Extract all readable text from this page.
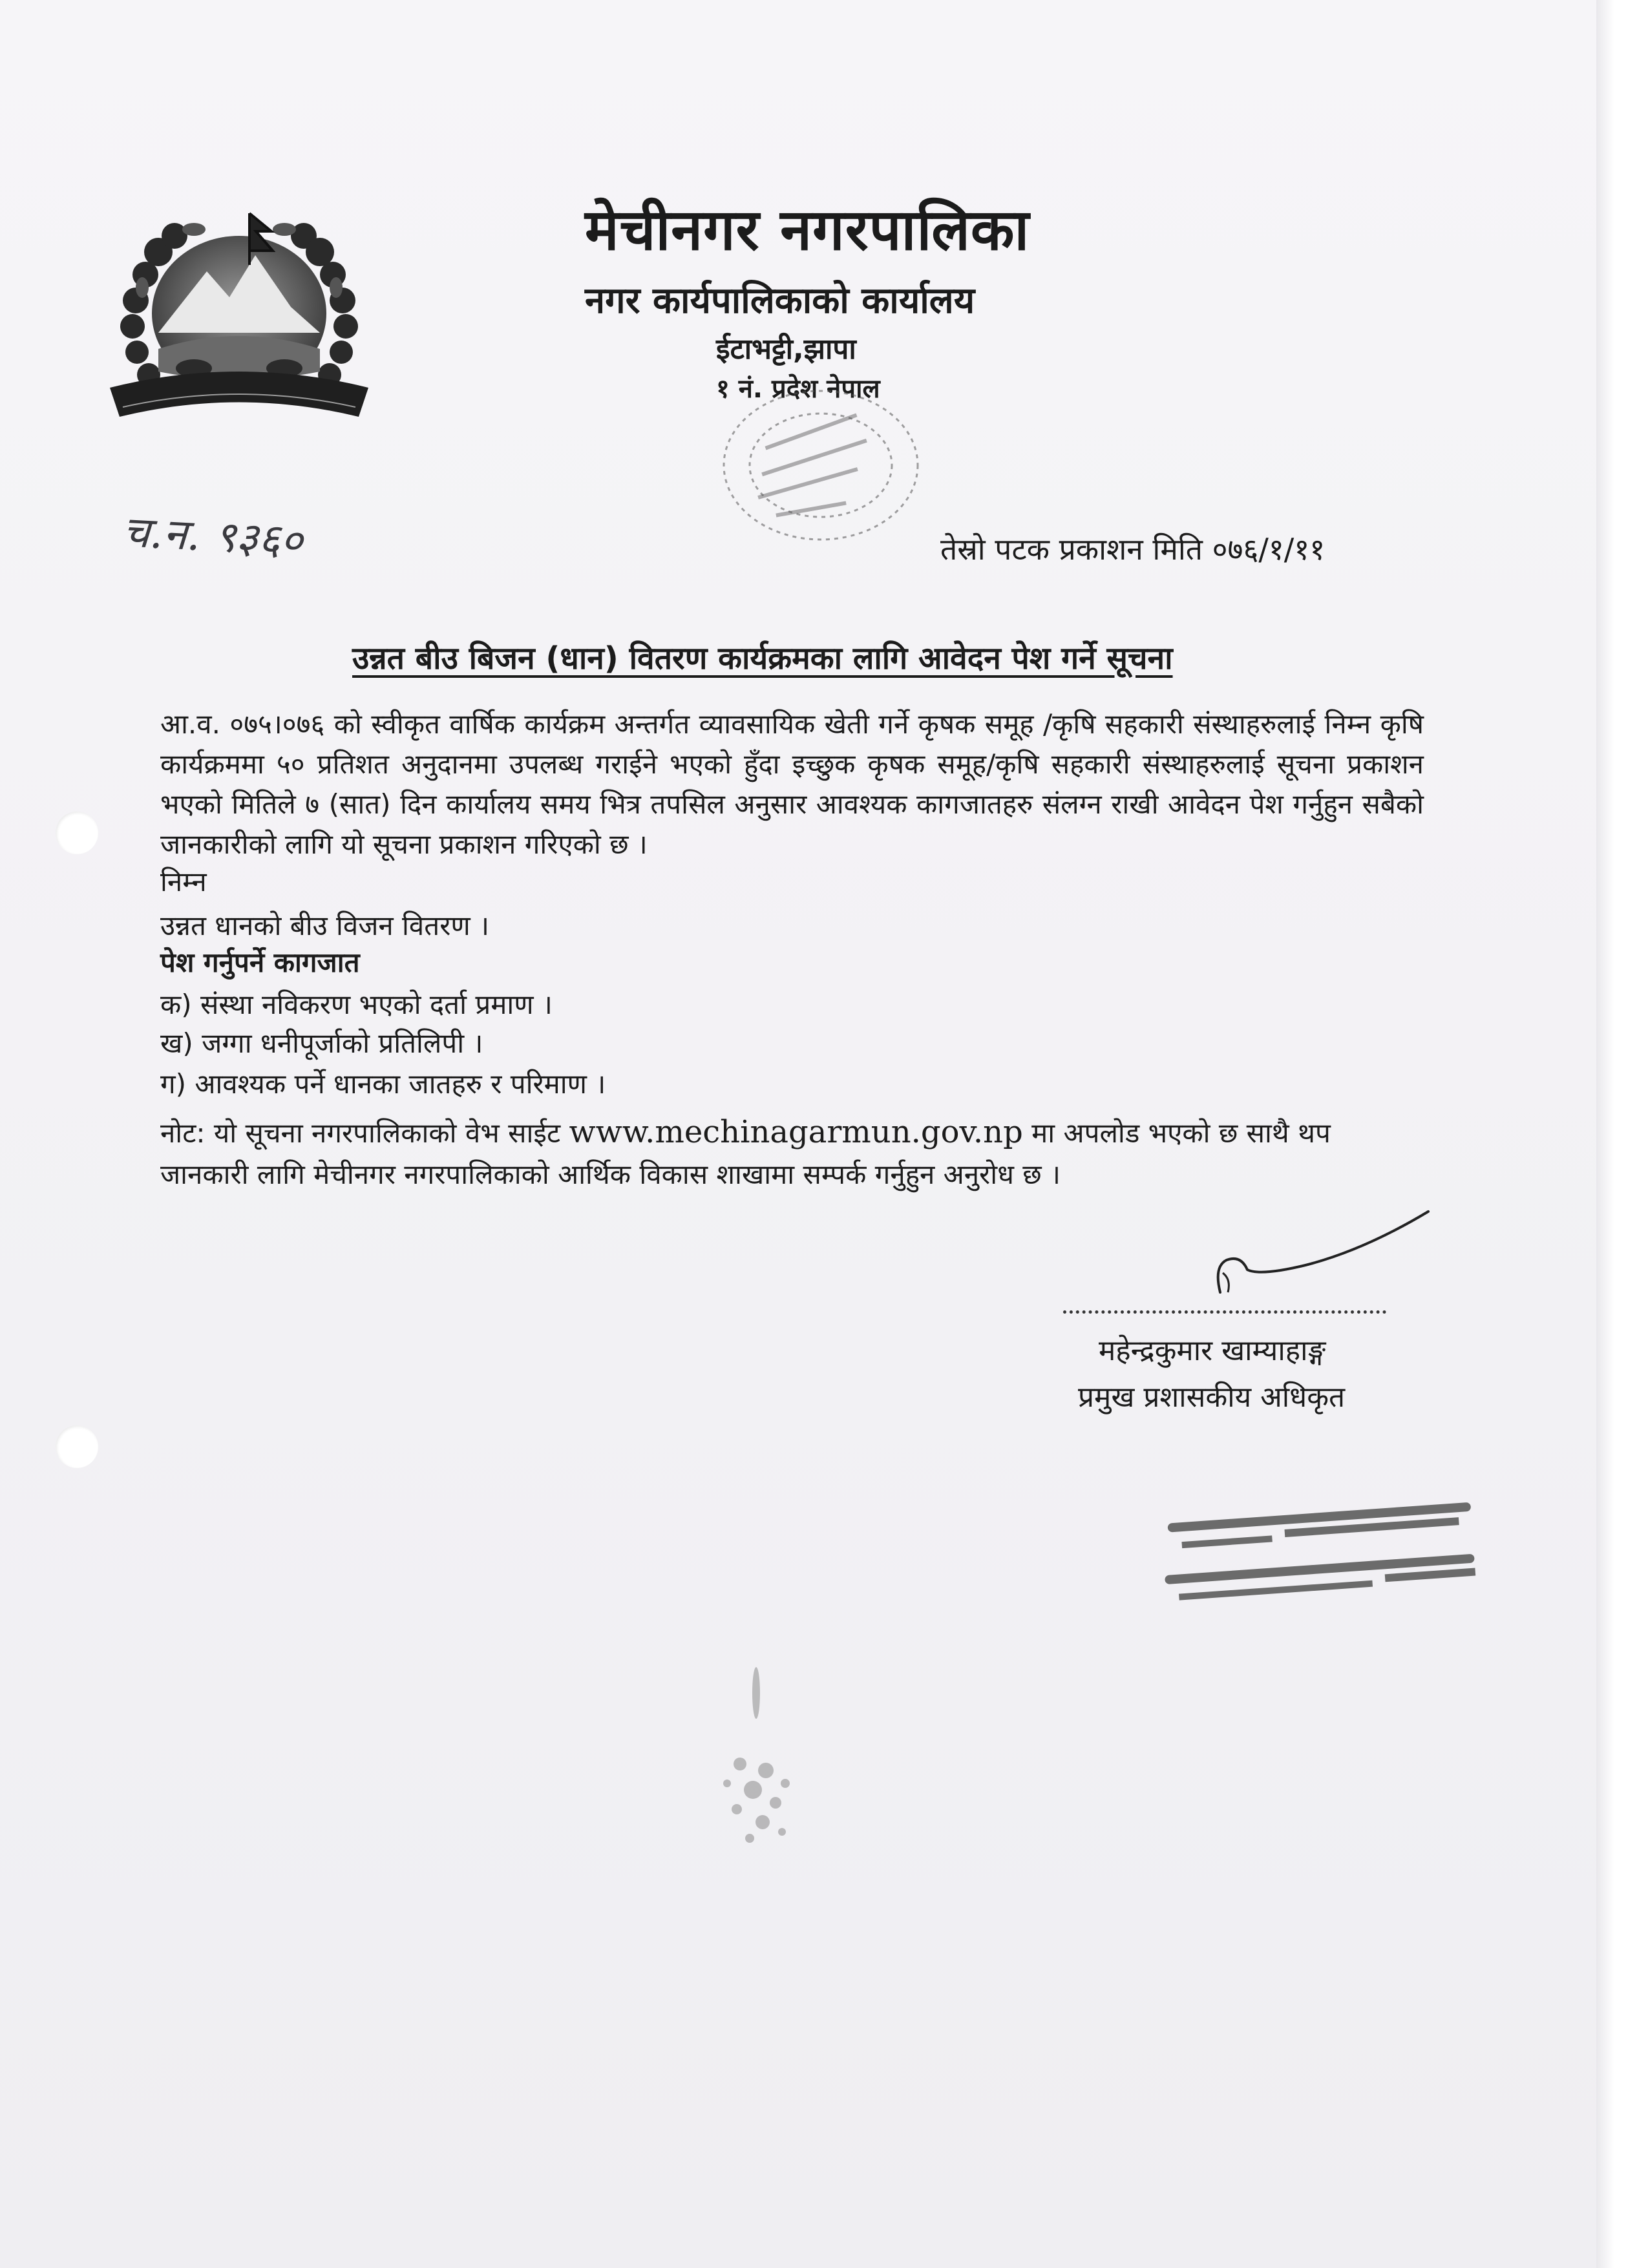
मेचीनगर नगरपालिका
नगर कार्यपालिकाको कार्यालय
ईटाभट्टी,झापा
१ नं. प्रदेश नेपाल
च.न. ९३६०	तेस्रो पटक प्रकाशन मिति ०७६/१/११
उन्नत बीउ बिजन (धान) वितरण कार्यक्रमका लागि आवेदन पेश गर्ने सूचना
आ.व. ०७५।०७६ को स्वीकृत वार्षिक कार्यक्रम अन्तर्गत व्यावसायिक खेती गर्ने कृषक समूह /कृषि सहकारी संस्थाहरुलाई निम्न कृषि कार्यक्रममा ५० प्रतिशत अनुदानमा उपलब्ध गराईने भएको हुँदा इच्छुक कृषक समूह/कृषि सहकारी संस्थाहरुलाई सूचना प्रकाशन भएको मितिले ७ (सात) दिन कार्यालय समय भित्र तपसिल अनुसार आवश्यक कागजातहरु संलग्न राखी आवेदन पेश गर्नुहुन सबैको जानकारीको लागि यो सूचना प्रकाशन गरिएको छ ।
निम्न
उन्नत धानको बीउ विजन वितरण ।
पेश गर्नुपर्ने कागजात
क) संस्था नविकरण भएको दर्ता प्रमाण ।
ख) जग्गा धनीपूर्जाको प्रतिलिपी ।
ग) आवश्यक पर्ने धानका जातहरु र परिमाण ।
नोट: यो सूचना नगरपालिकाको वेभ साईट www.mechinagarmun.gov.np मा अपलोड भएको छ साथै थप जानकारी लागि मेचीनगर नगरपालिकाको आर्थिक विकास शाखामा सम्पर्क गर्नुहुन अनुरोध छ ।
महेन्द्रकुमार खाम्याहाङ्ग
प्रमुख प्रशासकीय अधिकृत
